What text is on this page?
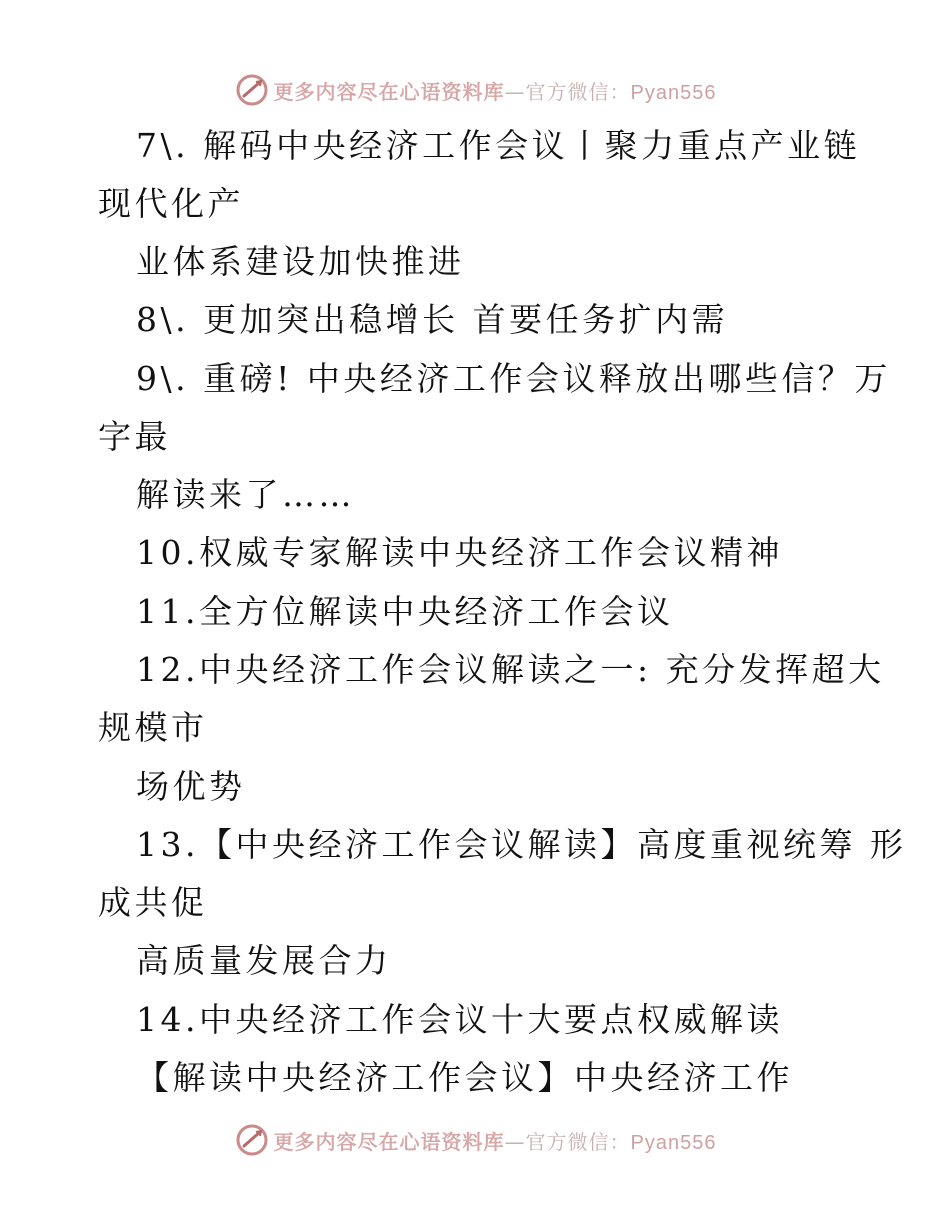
更多内容尽在心语资料库—官方微信：Pyan556
7\. 解码中央经济工作会议丨聚力重点产业链
现代化产
业体系建设加快推进
8\. 更加突出稳增长 首要任务扩内需
9\. 重磅! 中央经济工作会议释放出哪些信？万
字最
解读来了……
10.权威专家解读中央经济工作会议精神
11.全方位解读中央经济工作会议
12.中央经济工作会议解读之一: 充分发挥超大
规模市
场优势
13.【中央经济工作会议解读】高度重视统筹 形
成共促
高质量发展合力
14.中央经济工作会议十大要点权威解读
【解读中央经济工作会议】中央经济工作
更多内容尽在心语资料库—官方微信：Pyan556
